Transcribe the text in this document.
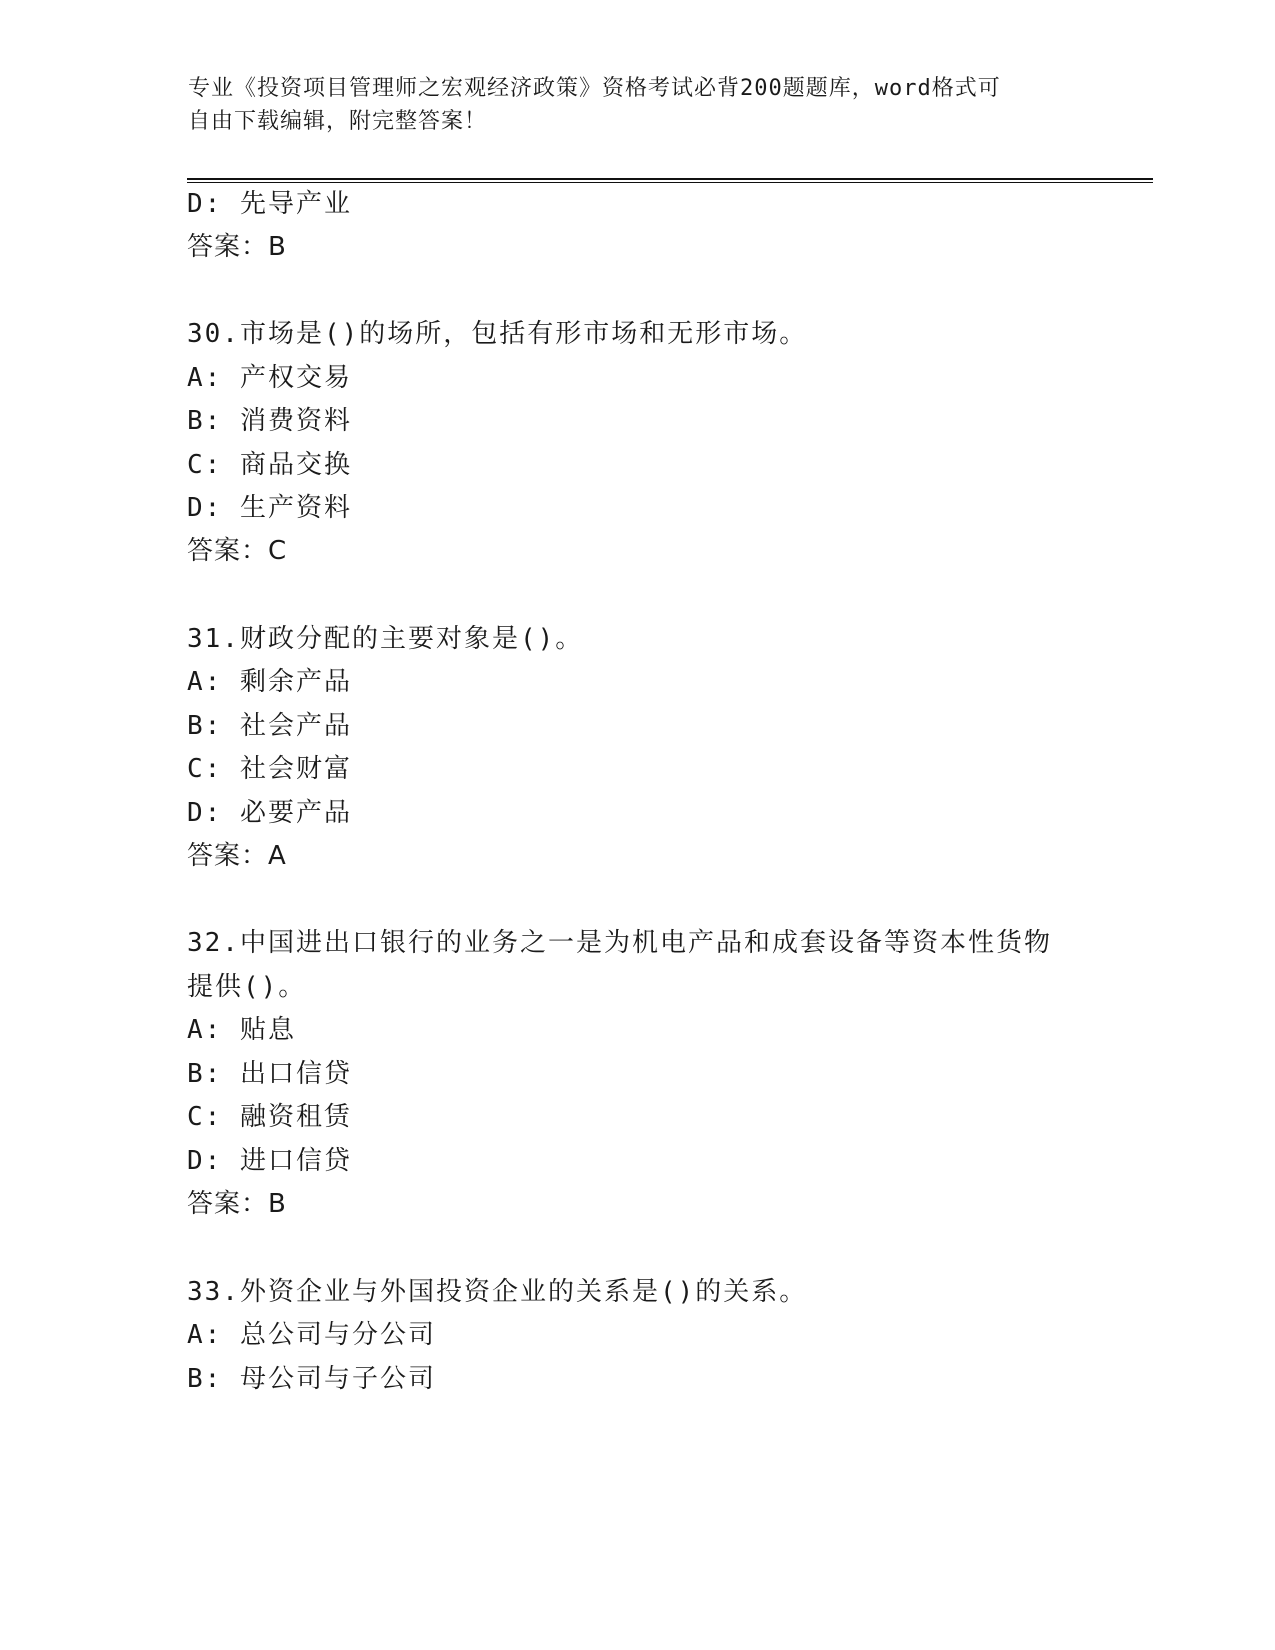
专业《投资项目管理师之宏观经济政策》资格考试必背200题题库，word格式可
自由下载编辑，附完整答案！
D: 先导产业
答案：B
30.市场是()的场所，包括有形市场和无形市场。
A: 产权交易
B: 消费资料
C: 商品交换
D: 生产资料
答案：C
31.财政分配的主要对象是()。
A: 剩余产品
B: 社会产品
C: 社会财富
D: 必要产品
答案：A
32.中国进出口银行的业务之一是为机电产品和成套设备等资本性货物
提供()。
A: 贴息
B: 出口信贷
C: 融资租赁
D: 进口信贷
答案：B
33.外资企业与外国投资企业的关系是()的关系。
A: 总公司与分公司
B: 母公司与子公司
